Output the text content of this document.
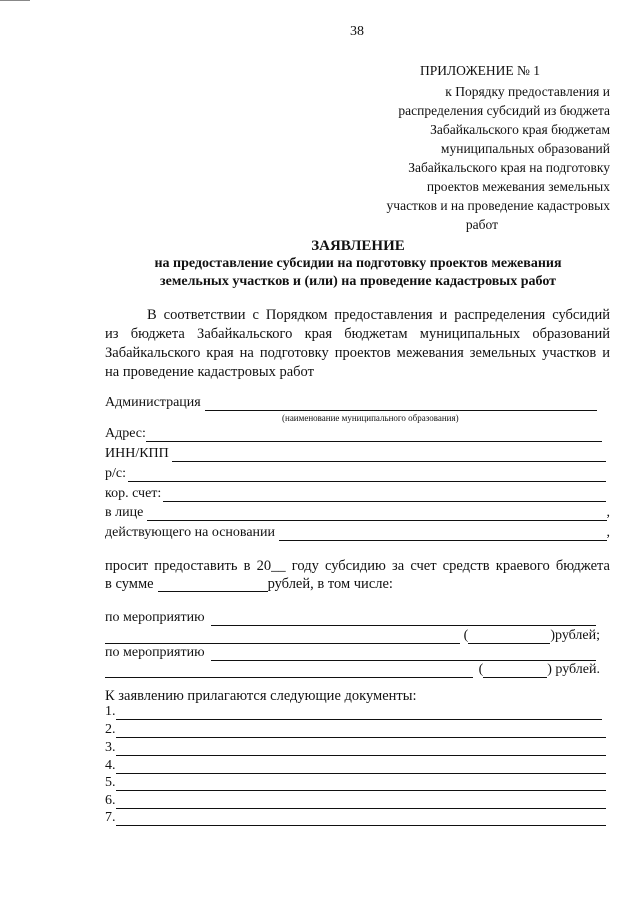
38
ПРИЛОЖЕНИЕ № 1
к Порядку предоставления и
распределения субсидий из бюджета
Забайкальского края бюджетам
муниципальных образований
Забайкальского края на подготовку
проектов межевания земельных
участков и на проведение кадастровых
работ
ЗАЯВЛЕНИЕ
на предоставление субсидии на подготовку проектов межевания
земельных участков и (или) на проведение кадастровых работ
В соответствии с Порядком предоставления и распределения субсидий
из бюджета Забайкальского края бюджетам муниципальных образований
Забайкальского края на подготовку проектов межевания земельных участков и
на проведение кадастровых работ
Администрация
(наименование муниципального образования)
Адрес:
ИНН/КПП
р/с:
кор. счет:
в лице	,
действующего на основании	,
просит предоставить в 20__ году субсидию за счет средств краевого бюджета
в сумме	рублей, в том числе:
по мероприятию
(	)рублей;
по мероприятию
(	) рублей.
К заявлению прилагаются следующие документы:
1.
2.
3.
4.
5.
6.
7.
